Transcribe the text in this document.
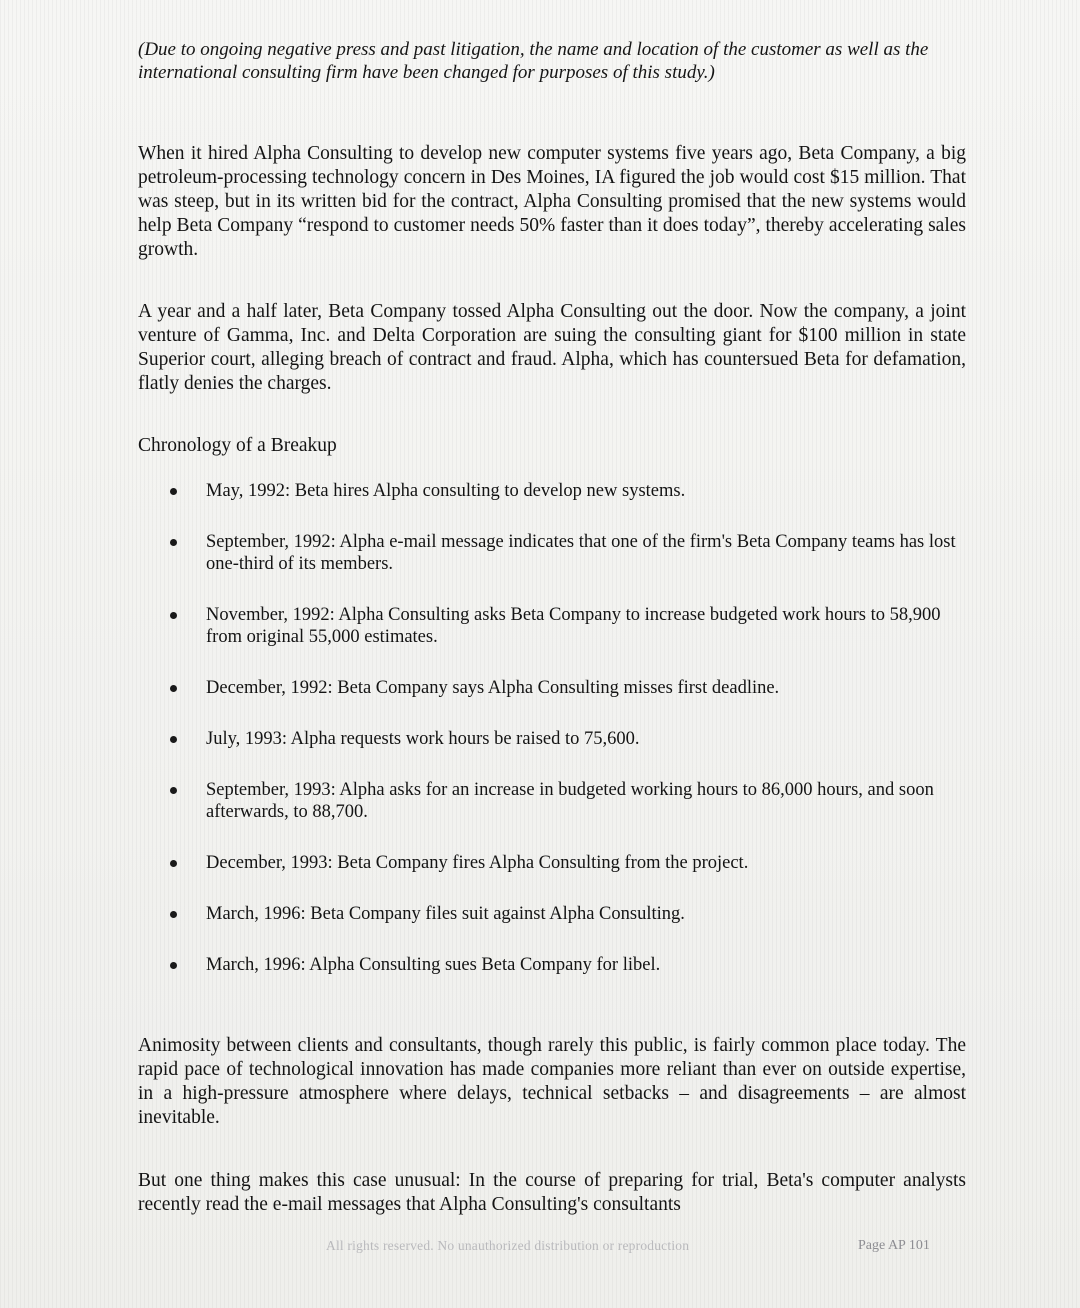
(Due to ongoing negative press and past litigation, the name and location of the customer as well as the international consulting firm have been changed for purposes of this study.)
When it hired Alpha Consulting to develop new computer systems five years ago, Beta Company, a big petroleum-processing technology concern in Des Moines, IA figured the job would cost $15 million. That was steep, but in its written bid for the contract, Alpha Consulting promised that the new systems would help Beta Company “respond to customer needs 50% faster than it does today”, thereby accelerating sales growth.
A year and a half later, Beta Company tossed Alpha Consulting out the door. Now the company, a joint venture of Gamma, Inc. and Delta Corporation are suing the consulting giant for $100 million in state Superior court, alleging breach of contract and fraud. Alpha, which has countersued Beta for defamation, flatly denies the charges.
Chronology of a Breakup
May, 1992: Beta hires Alpha consulting to develop new systems.
September, 1992: Alpha e-mail message indicates that one of the firm's Beta Company teams has lost one-third of its members.
November, 1992: Alpha Consulting asks Beta Company to increase budgeted work hours to 58,900 from original 55,000 estimates.
December, 1992: Beta Company says Alpha Consulting misses first deadline.
July, 1993: Alpha requests work hours be raised to 75,600.
September, 1993: Alpha asks for an increase in budgeted working hours to 86,000 hours, and soon afterwards, to 88,700.
December, 1993: Beta Company fires Alpha Consulting from the project.
March, 1996: Beta Company files suit against Alpha Consulting.
March, 1996: Alpha Consulting sues Beta Company for libel.
Animosity between clients and consultants, though rarely this public, is fairly common place today. The rapid pace of technological innovation has made companies more reliant than ever on outside expertise, in a high-pressure atmosphere where delays, technical setbacks – and disagreements – are almost inevitable.
But one thing makes this case unusual: In the course of preparing for trial, Beta's computer analysts recently read the e-mail messages that Alpha Consulting's consultants
All rights reserved. No unauthorized distribution or reproduction	Page AP 101
